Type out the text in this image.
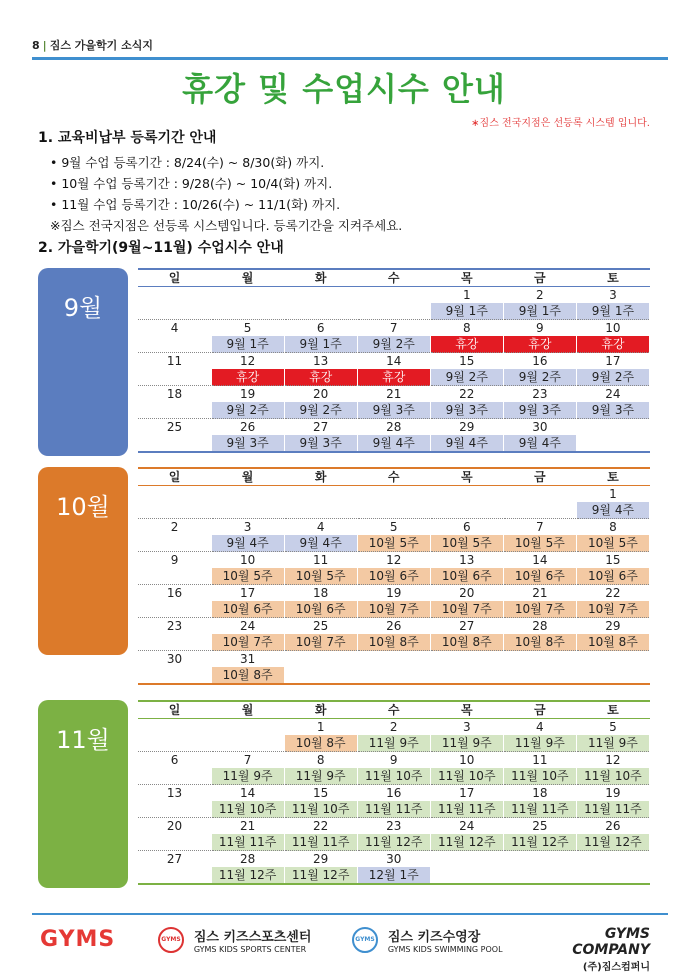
8 | 짐스 가을학기 소식지
휴강 및 수업시수 안내
∗짐스 전국지점은 선등록 시스템 입니다.
1. 교육비납부 등록기간 안내
• 9월 수업 등록기간 : 8/24(수) ~ 8/30(화) 까지.
• 10월 수업 등록기간 : 9/28(수) ~ 10/4(화) 까지.
• 11월 수업 등록기간 : 10/26(수) ~ 11/1(화) 까지.
※짐스 전국지점은 선등록 시스템입니다. 등록기간을 지켜주세요.
2. 가을학기(9월~11월) 수업시수 안내
9월
일	월	화	수	목	금	토
				1	2	3
				9월 1주	9월 1주	9월 1주
4	5	6	7	8	9	10
	9월 1주	9월 1주	9월 2주	휴강	휴강	휴강
11	12	13	14	15	16	17
	휴강	휴강	휴강	9월 2주	9월 2주	9월 2주
18	19	20	21	22	23	24
	9월 2주	9월 2주	9월 3주	9월 3주	9월 3주	9월 3주
25	26	27	28	29	30	
	9월 3주	9월 3주	9월 4주	9월 4주	9월 4주	

10월
일	월	화	수	목	금	토
						1
						9월 4주
2	3	4	5	6	7	8
	9월 4주	9월 4주	10월 5주	10월 5주	10월 5주	10월 5주
9	10	11	12	13	14	15
	10월 5주	10월 5주	10월 6주	10월 6주	10월 6주	10월 6주
16	17	18	19	20	21	22
	10월 6주	10월 6주	10월 7주	10월 7주	10월 7주	10월 7주
23	24	25	26	27	28	29
	10월 7주	10월 7주	10월 8주	10월 8주	10월 8주	10월 8주
30	31					
	10월 8주					

11월
일	월	화	수	목	금	토
		1	2	3	4	5
		10월 8주	11월 9주	11월 9주	11월 9주	11월 9주
6	7	8	9	10	11	12
	11월 9주	11월 9주	11월 10주	11월 10주	11월 10주	11월 10주
13	14	15	16	17	18	19
	11월 10주	11월 10주	11월 11주	11월 11주	11월 11주	11월 11주
20	21	22	23	24	25	26
	11월 11주	11월 11주	11월 12주	11월 12주	11월 12주	11월 12주
27	28	29	30			
	11월 12주	11월 12주	12월 1주			

GYMS	GYMS 짐스 키즈스포츠센터
GYMS KIDS SPORTS CENTER
GYMS 짐스 키즈수영장
GYMS KIDS SWIMMING POOL
GYMS COMPANY
(주)짐스컴퍼니
